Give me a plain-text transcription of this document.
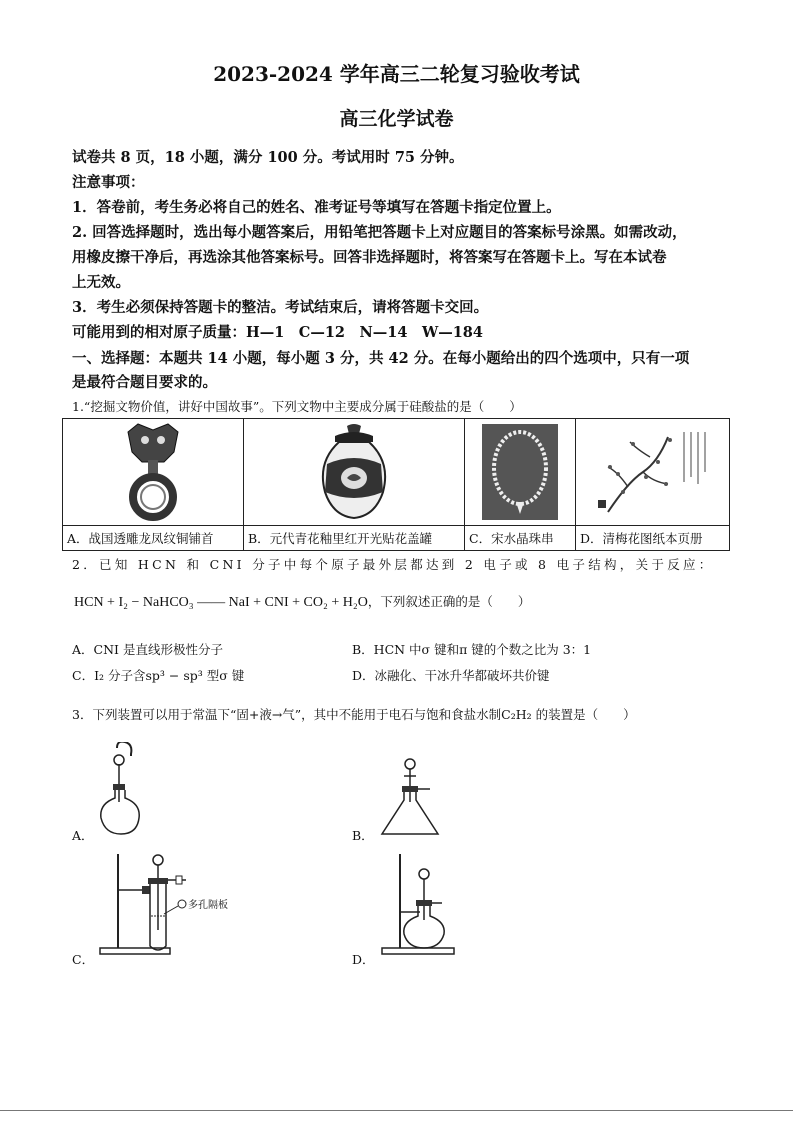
2023-2024 学年高三二轮复习验收考试
高三化学试卷
试卷共 8 页，18 小题，满分 100 分。考试用时 75 分钟。
注意事项：
1．答卷前，考生务必将自己的姓名、准考证号等填写在答题卡指定位置上。
2. 回答选择题时，选出每小题答案后，用铅笔把答题卡上对应题目的答案标号涂黑。如需改动，
用橡皮擦干净后，再选涂其他答案标号。回答非选择题时，将答案写在答题卡上。写在本试卷
上无效。
3．考生必须保持答题卡的整洁。考试结束后，请将答题卡交回。
可能用到的相对原子质量：H—1　C—12　N—14　W—184
一、选择题：本题共 14 小题，每小题 3 分，共 42 分。在每小题给出的四个选项中，只有一项
是最符合题目要求的。
1.“挖掘文物价值，讲好中国故事”。下列文物中主要成分属于硅酸盐的是（　　）
A．战国透雕龙凤纹铜铺首	B．元代青花釉里红开光贴花盖罐	C．宋水晶珠串	D．清梅花图纸本页册
2．已知 HCN 和 CNI 分子中每个原子最外层都达到 2 电子或 8 电子结构，关于反应：
HCN + I₂ − NaHCO₃ —— NaI + CNI + CO₂ + H₂O，下列叙述正确的是（　　）
A．CNI 是直线形极性分子	B．HCN 中σ 键和π 键的个数之比为 3：1
C．I₂ 分子含sp³ − sp³ 型σ 键	D．冰融化、干冰升华都破坏共价键
3．下列装置可以用于常温下“固+液→气”，其中不能用于电石与饱和食盐水制C₂H₂ 的装置是（　　）
A．	B．
C．
多孔隔板
D．
